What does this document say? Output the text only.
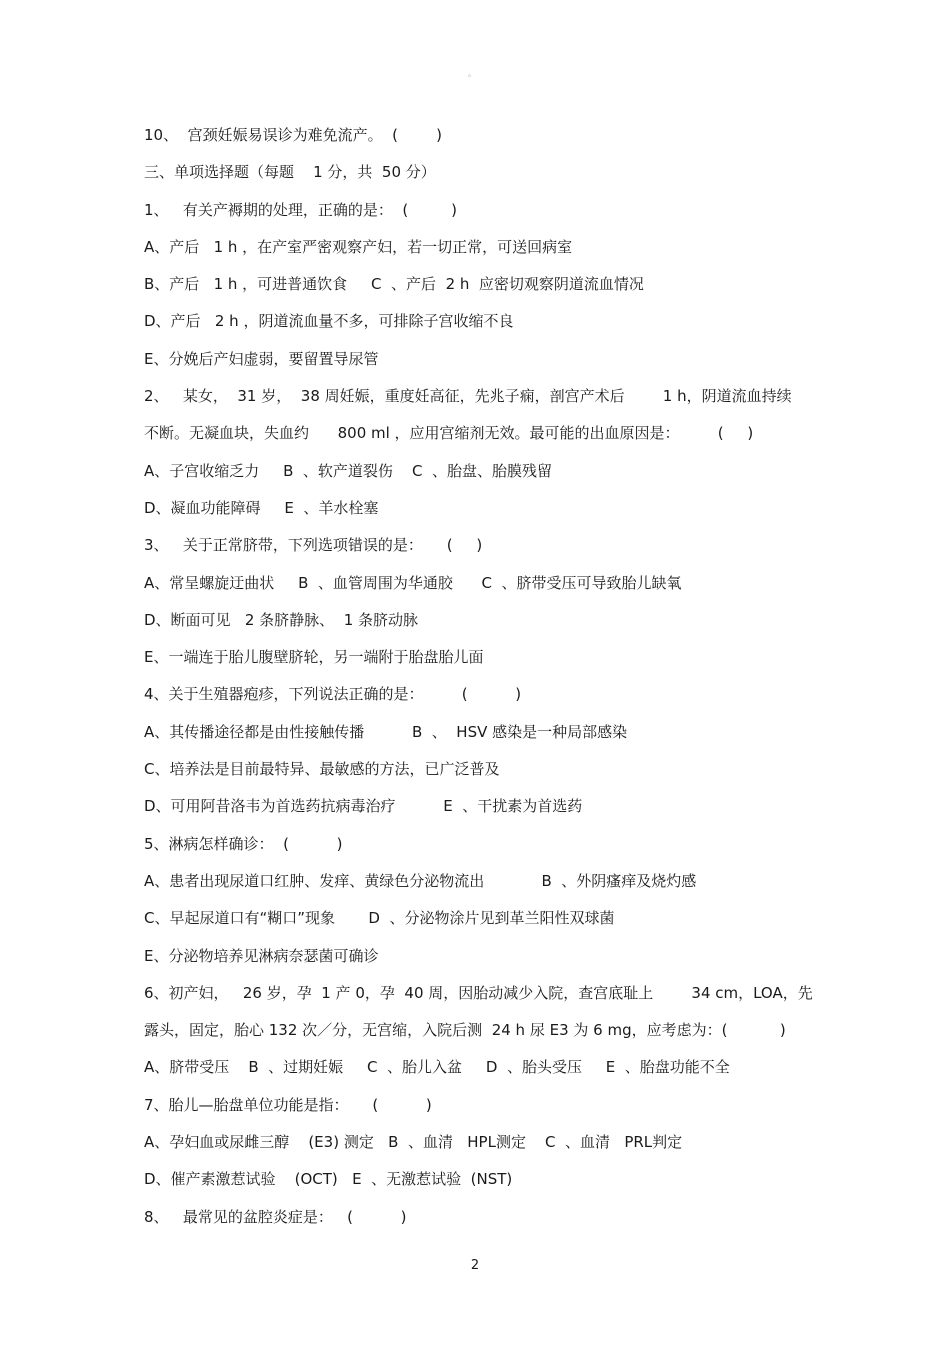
。
10、  宫颈妊娠易误诊为难免流产。  (        )
三、单项选择题（每题    1 分，共  50 分）
1、   有关产褥期的处理，正确的是：  (         )
A、产后   1 h ，在产室严密观察产妇，若一切正常，可送回病室
B、产后   1 h ，可进普通饮食     C  、产后  2 h  应密切观察阴道流血情况
D、产后   2 h ，阴道流血量不多，可排除子宫收缩不良
E、分娩后产妇虚弱，要留置导尿管
2、   某女，  31 岁，  38 周妊娠，重度妊高征，先兆子痫，剖宫产术后        1 h，阴道流血持续
不断。无凝血块，失血约      800 ml ，应用宫缩剂无效。最可能的出血原因是：        (     )
A、子宫收缩乏力     B  、软产道裂伤    C  、胎盘、胎膜残留
D、凝血功能障碍     E  、羊水栓塞
3、   关于正常脐带，下列选项错误的是：     (     )
A、常呈螺旋迂曲状     B  、血管周围为华通胶      C  、脐带受压可导致胎儿缺氧
D、断面可见   2 条脐静脉、  1 条脐动脉
E、一端连于胎儿腹壁脐轮，另一端附于胎盘胎儿面
4、关于生殖器疱疹，下列说法正确的是：        (          )
A、其传播途径都是由性接触传播          B  、  HSV 感染是一种局部感染
C、培养法是目前最特异、最敏感的方法，已广泛普及
D、可用阿昔洛韦为首选药抗病毒治疗          E  、干扰素为首选药
5、淋病怎样确诊：  (          )
A、患者出现尿道口红肿、发痒、黄绿色分泌物流出            B  、外阴瘙痒及烧灼感
C、早起尿道口有“糊口”现象       D  、分泌物涂片见到革兰阳性双球菌
E、分泌物培养见淋病奈瑟菌可确诊
6、初产妇，   26 岁，孕  1 产 0，孕  40 周，因胎动减少入院，查宫底耻上        34 cm，LOA，先
露头，固定，胎心 132 次／分，无宫缩，入院后测  24 h 尿 E3 为 6 mg，应考虑为：(           )
A、脐带受压    B  、过期妊娠     C  、胎儿入盆     D  、胎头受压     E  、胎盘功能不全
7、胎儿—胎盘单位功能是指：     (          )
A、孕妇血或尿雌三醇    (E3) 测定   B  、血清   HPL测定    C  、血清   PRL判定
D、催产素激惹试验    (OCT)   E  、无激惹试验  (NST)
8、   最常见的盆腔炎症是：   (          )
2
